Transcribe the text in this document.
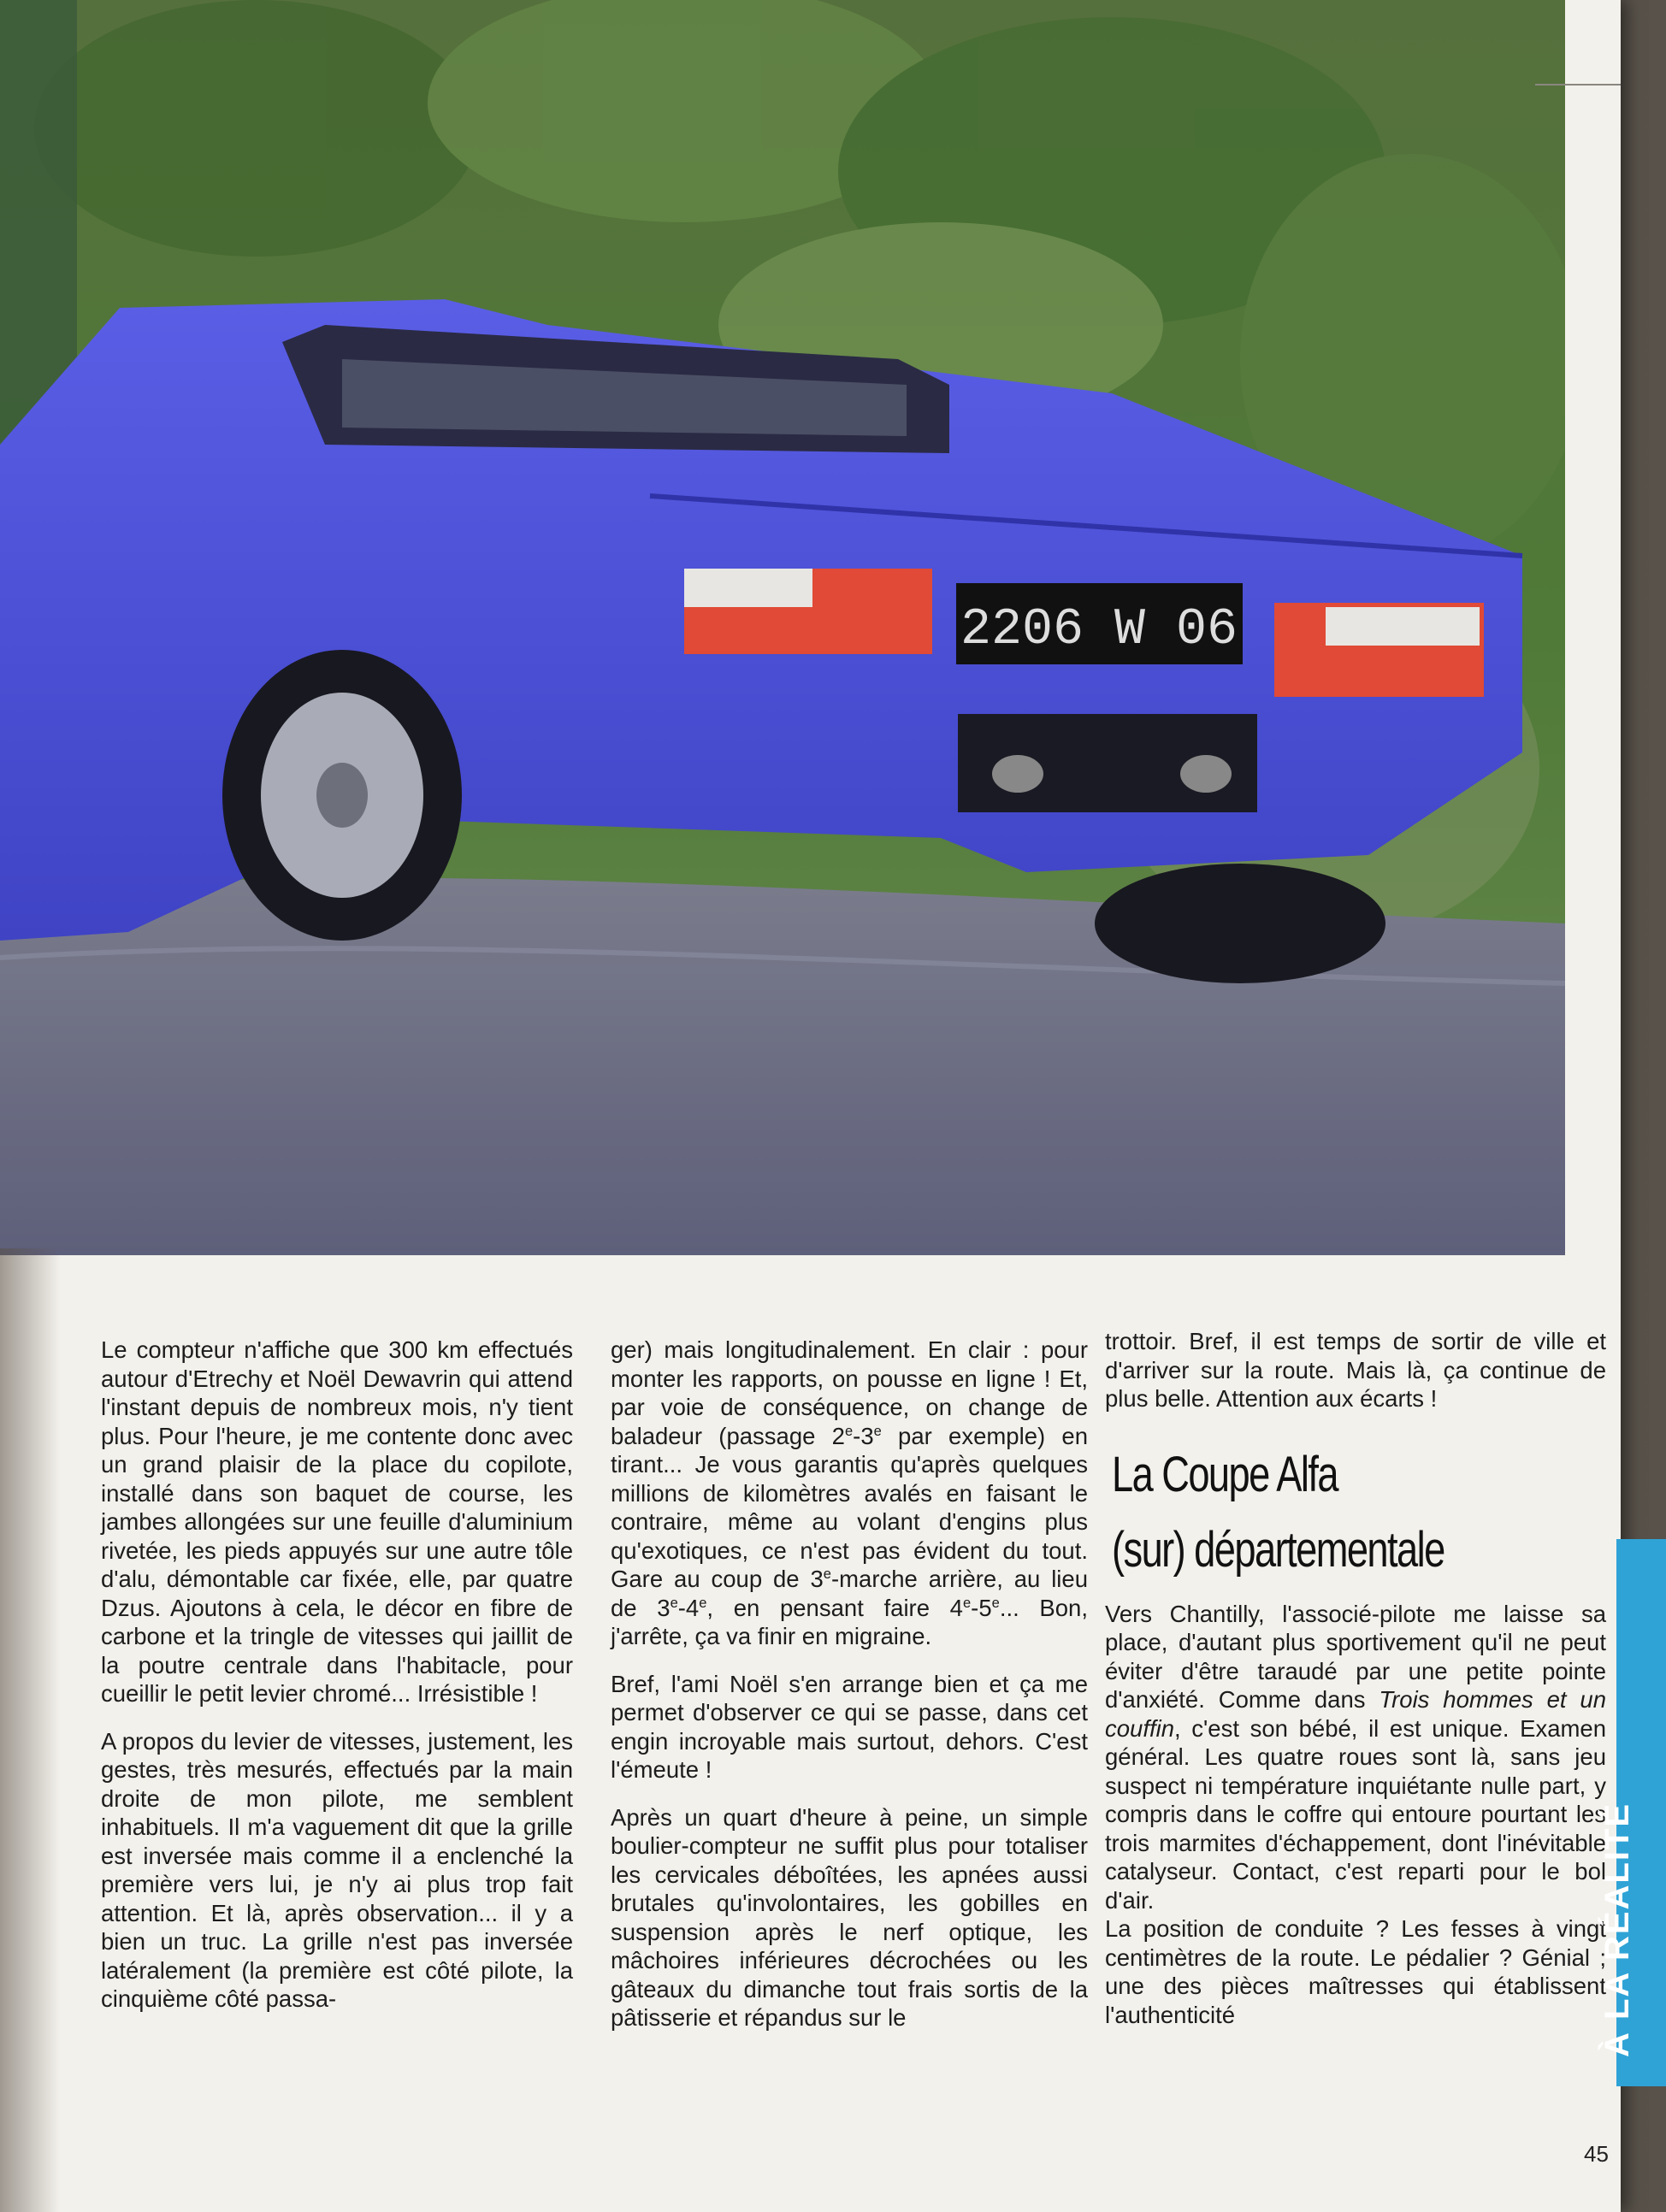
2206 W 06

Le compteur n'affiche que 300 km effectués autour d'Etrechy et Noël Dewavrin qui attend l'instant depuis de nombreux mois, n'y tient plus. Pour l'heure, je me contente donc avec un grand plaisir de la place du copilote, installé dans son baquet de course, les jambes allongées sur une feuille d'aluminium rivetée, les pieds appuyés sur une autre tôle d'alu, démontable car fixée, elle, par quatre Dzus. Ajoutons à cela, le décor en fibre de carbone et la tringle de vitesses qui jaillit de la poutre centrale dans l'habitacle, pour cueillir le petit levier chromé... Irrésistible !

A propos du levier de vitesses, justement, les gestes, très mesurés, effectués par la main droite de mon pilote, me semblent inhabituels. Il m'a vaguement dit que la grille est inversée mais comme il a enclenché la première vers lui, je n'y ai plus trop fait attention. Et là, après observation... il y a bien un truc. La grille n'est pas inversée latéralement (la première est côté pilote, la cinquième côté passa-

ger) mais longitudinalement. En clair : pour monter les rapports, on pousse en ligne ! Et, par voie de conséquence, on change de baladeur (passage 2e-3e par exemple) en tirant... Je vous garantis qu'après quelques millions de kilomètres avalés en faisant le contraire, même au volant d'engins plus qu'exotiques, ce n'est pas évident du tout. Gare au coup de 3e-marche arrière, au lieu de 3e-4e, en pensant faire 4e-5e... Bon, j'arrête, ça va finir en migraine.

Bref, l'ami Noël s'en arrange bien et ça me permet d'observer ce qui se passe, dans cet engin incroyable mais surtout, dehors. C'est l'émeute !

Après un quart d'heure à peine, un simple boulier-compteur ne suffit plus pour totaliser les cervicales déboîtées, les apnées aussi brutales qu'involontaires, les gobilles en suspension après le nerf optique, les mâchoires inférieures décrochées ou les gâteaux du dimanche tout frais sortis de la pâtisserie et répandus sur le

trottoir. Bref, il est temps de sortir de ville et d'arriver sur la route. Mais là, ça continue de plus belle. Attention aux écarts !

La Coupe Alfa
(sur) départementale

Vers Chantilly, l'associé-pilote me laisse sa place, d'autant plus sportivement qu'il ne peut éviter d'être taraudé par une petite pointe d'anxiété. Comme dans Trois hommes et un couffin, c'est son bébé, il est unique. Examen général. Les quatre roues sont là, sans jeu suspect ni température inquiétante nulle part, y compris dans le coffre qui entoure pourtant les trois marmites d'échappement, dont l'inévitable catalyseur. Contact, c'est reparti pour le bol d'air.

La position de conduite ? Les fesses à vingt centimètres de la route. Le pédalier ? Génial ; une des pièces maîtresses qui établissent l'authenticité

45
À LA RÉALITÉ
